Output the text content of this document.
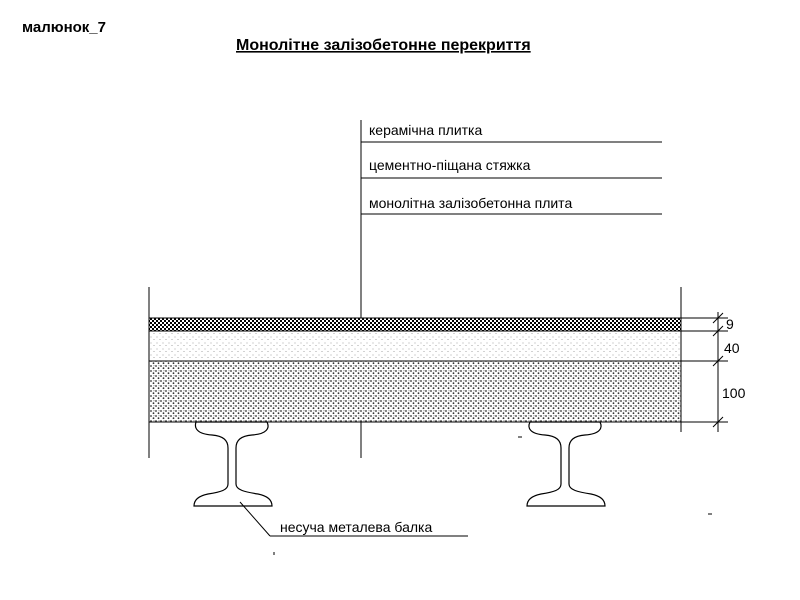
малюнок_7
Монолітне залізобетонне перекриття
керамічна плитка
цементно-піщана стяжка
монолітна залізобетонна плита
9
40
100
несуча металева балка
